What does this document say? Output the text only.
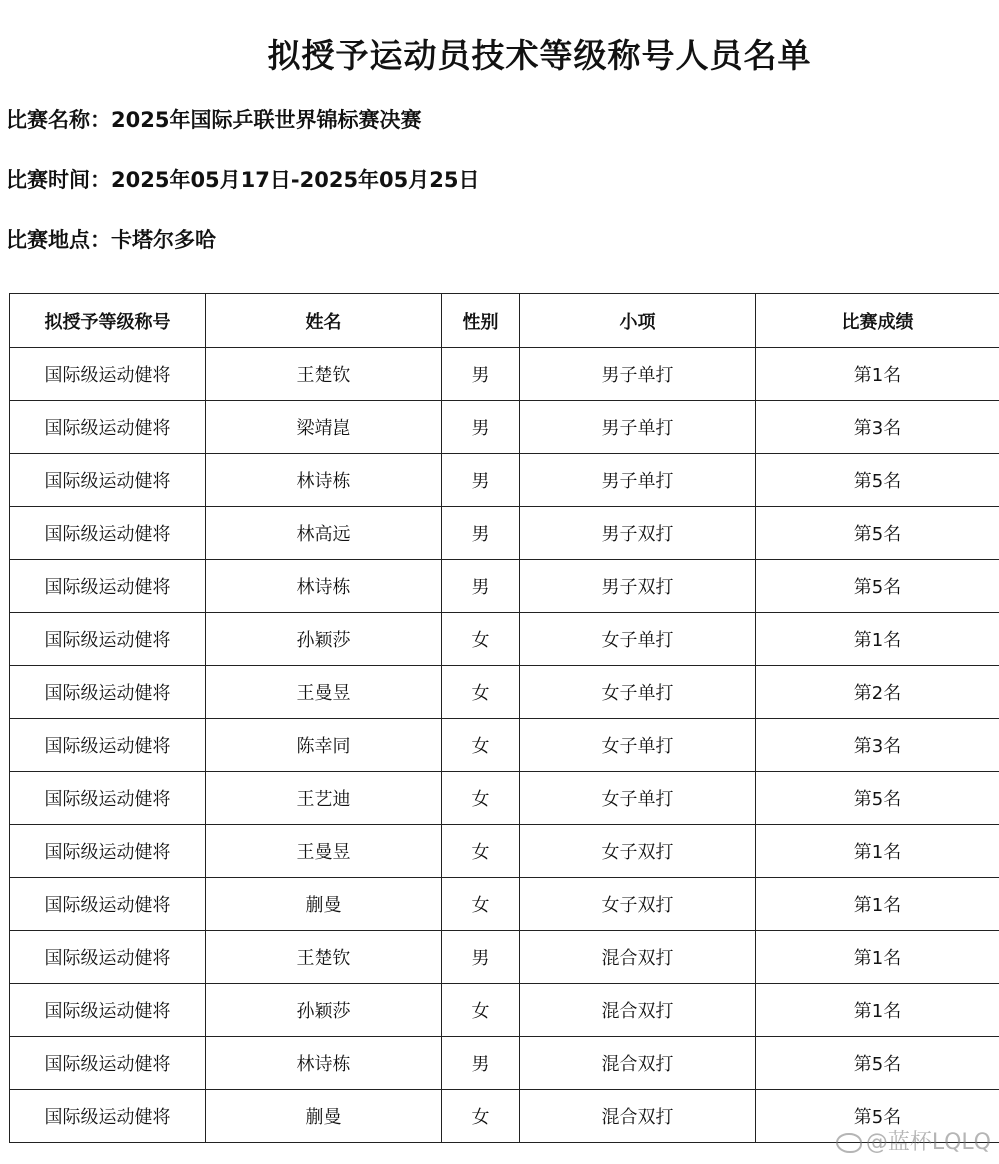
拟授予运动员技术等级称号人员名单
比赛名称：2025年国际乒联世界锦标赛决赛
比赛时间：2025年05月17日-2025年05月25日
比赛地点：卡塔尔多哈
拟授予等级称号	姓名	性别	小项	比赛成绩
国际级运动健将	王楚钦	男	男子单打	第1名
国际级运动健将	梁靖崑	男	男子单打	第3名
国际级运动健将	林诗栋	男	男子单打	第5名
国际级运动健将	林高远	男	男子双打	第5名
国际级运动健将	林诗栋	男	男子双打	第5名
国际级运动健将	孙颖莎	女	女子单打	第1名
国际级运动健将	王曼昱	女	女子单打	第2名
国际级运动健将	陈幸同	女	女子单打	第3名
国际级运动健将	王艺迪	女	女子单打	第5名
国际级运动健将	王曼昱	女	女子双打	第1名
国际级运动健将	蒯曼	女	女子双打	第1名
国际级运动健将	王楚钦	男	混合双打	第1名
国际级运动健将	孙颖莎	女	混合双打	第1名
国际级运动健将	林诗栋	男	混合双打	第5名
国际级运动健将	蒯曼	女	混合双打	第5名
@蓝杯LQLQ
